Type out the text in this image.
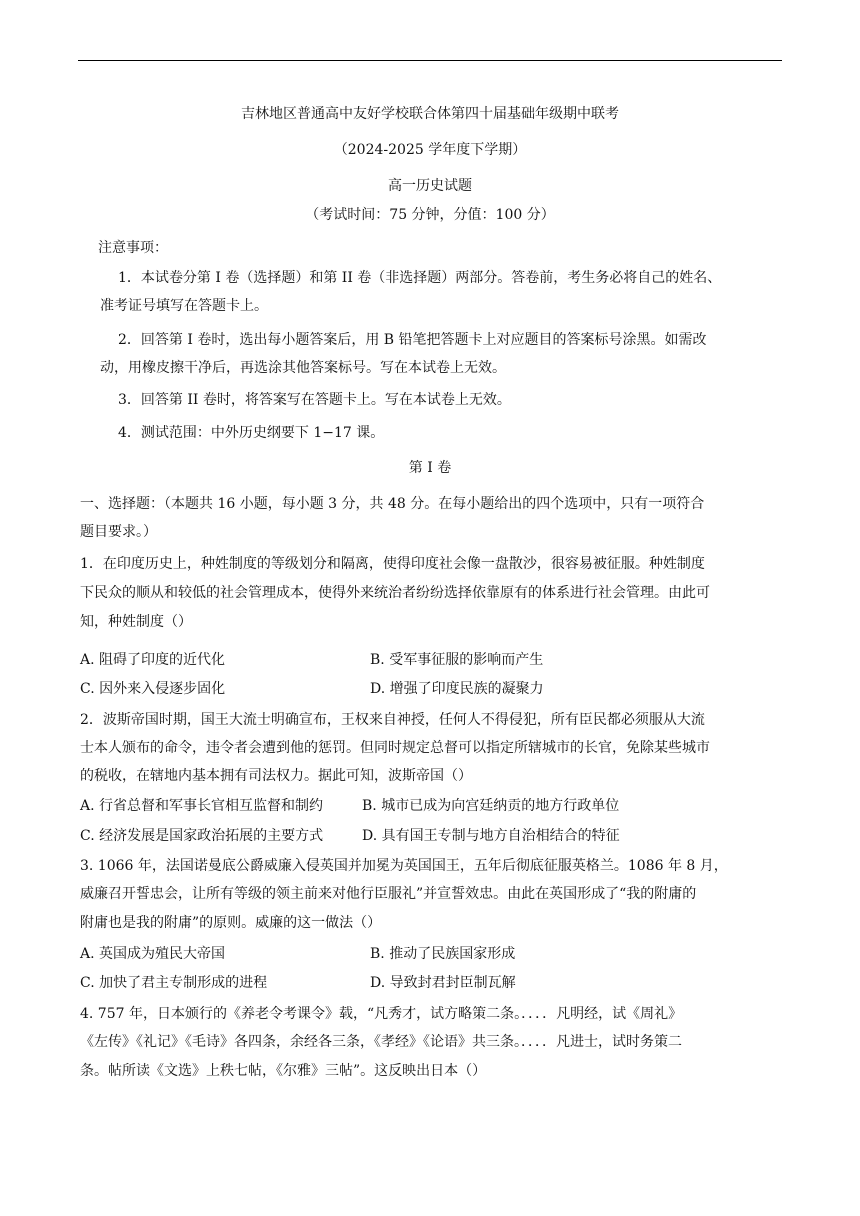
吉林地区普通高中友好学校联合体第四十届基础年级期中联考
（2024-2025 学年度下学期）
高一历史试题
（考试时间：75 分钟，分值：100 分）
注意事项：
1．本试卷分第 I 卷（选择题）和第 II 卷（非选择题）两部分。答卷前，考生务必将自己的姓名、
准考证号填写在答题卡上。
2．回答第 I 卷时，选出每小题答案后，用 B 铅笔把答题卡上对应题目的答案标号涂黑。如需改
动，用橡皮擦干净后，再选涂其他答案标号。写在本试卷上无效。
3．回答第 II 卷时，将答案写在答题卡上。写在本试卷上无效。
4．测试范围：中外历史纲要下 1−17 课。
第 I 卷
一、选择题：（本题共 16 小题，每小题 3 分，共 48 分。在每小题给出的四个选项中，只有一项符合
题目要求。）
1．在印度历史上，种姓制度的等级划分和隔离，使得印度社会像一盘散沙，很容易被征服。种姓制度
下民众的顺从和较低的社会管理成本，使得外来统治者纷纷选择依靠原有的体系进行社会管理。由此可
知，种姓制度（）
A. 阻碍了印度的近代化	B. 受军事征服的影响而产生
C. 因外来入侵逐步固化	D. 增强了印度民族的凝聚力
2．波斯帝国时期，国王大流士明确宣布，王权来自神授，任何人不得侵犯，所有臣民都必须服从大流
士本人颁布的命令，违令者会遭到他的惩罚。但同时规定总督可以指定所辖城市的长官，免除某些城市
的税收，在辖地内基本拥有司法权力。据此可知，波斯帝国（）
A. 行省总督和军事长官相互监督和制约	B. 城市已成为向宫廷纳贡的地方行政单位
C. 经济发展是国家政治拓展的主要方式	D. 具有国王专制与地方自治相结合的特征
3. 1066 年，法国诺曼底公爵威廉入侵英国并加冕为英国国王，五年后彻底征服英格兰。1086 年 8 月，
威廉召开誓忠会，让所有等级的领主前来对他行臣服礼”并宣誓效忠。由此在英国形成了“我的附庸的
附庸也是我的附庸”的原则。威廉的这一做法（）
A. 英国成为殖民大帝国	B. 推动了民族国家形成
C. 加快了君主专制形成的进程	D. 导致封君封臣制瓦解
4. 757 年，日本颁行的《养老令考课令》载，“凡秀才，试方略策二条。．．．．凡明经，试《周礼》
《左传》《礼记》《毛诗》各四条，余经各三条，《孝经》《论语》共三条。．．．．凡进士，试时务策二
条。帖所读《文选》上秩七帖，《尔雅》三帖”。这反映出日本（）
